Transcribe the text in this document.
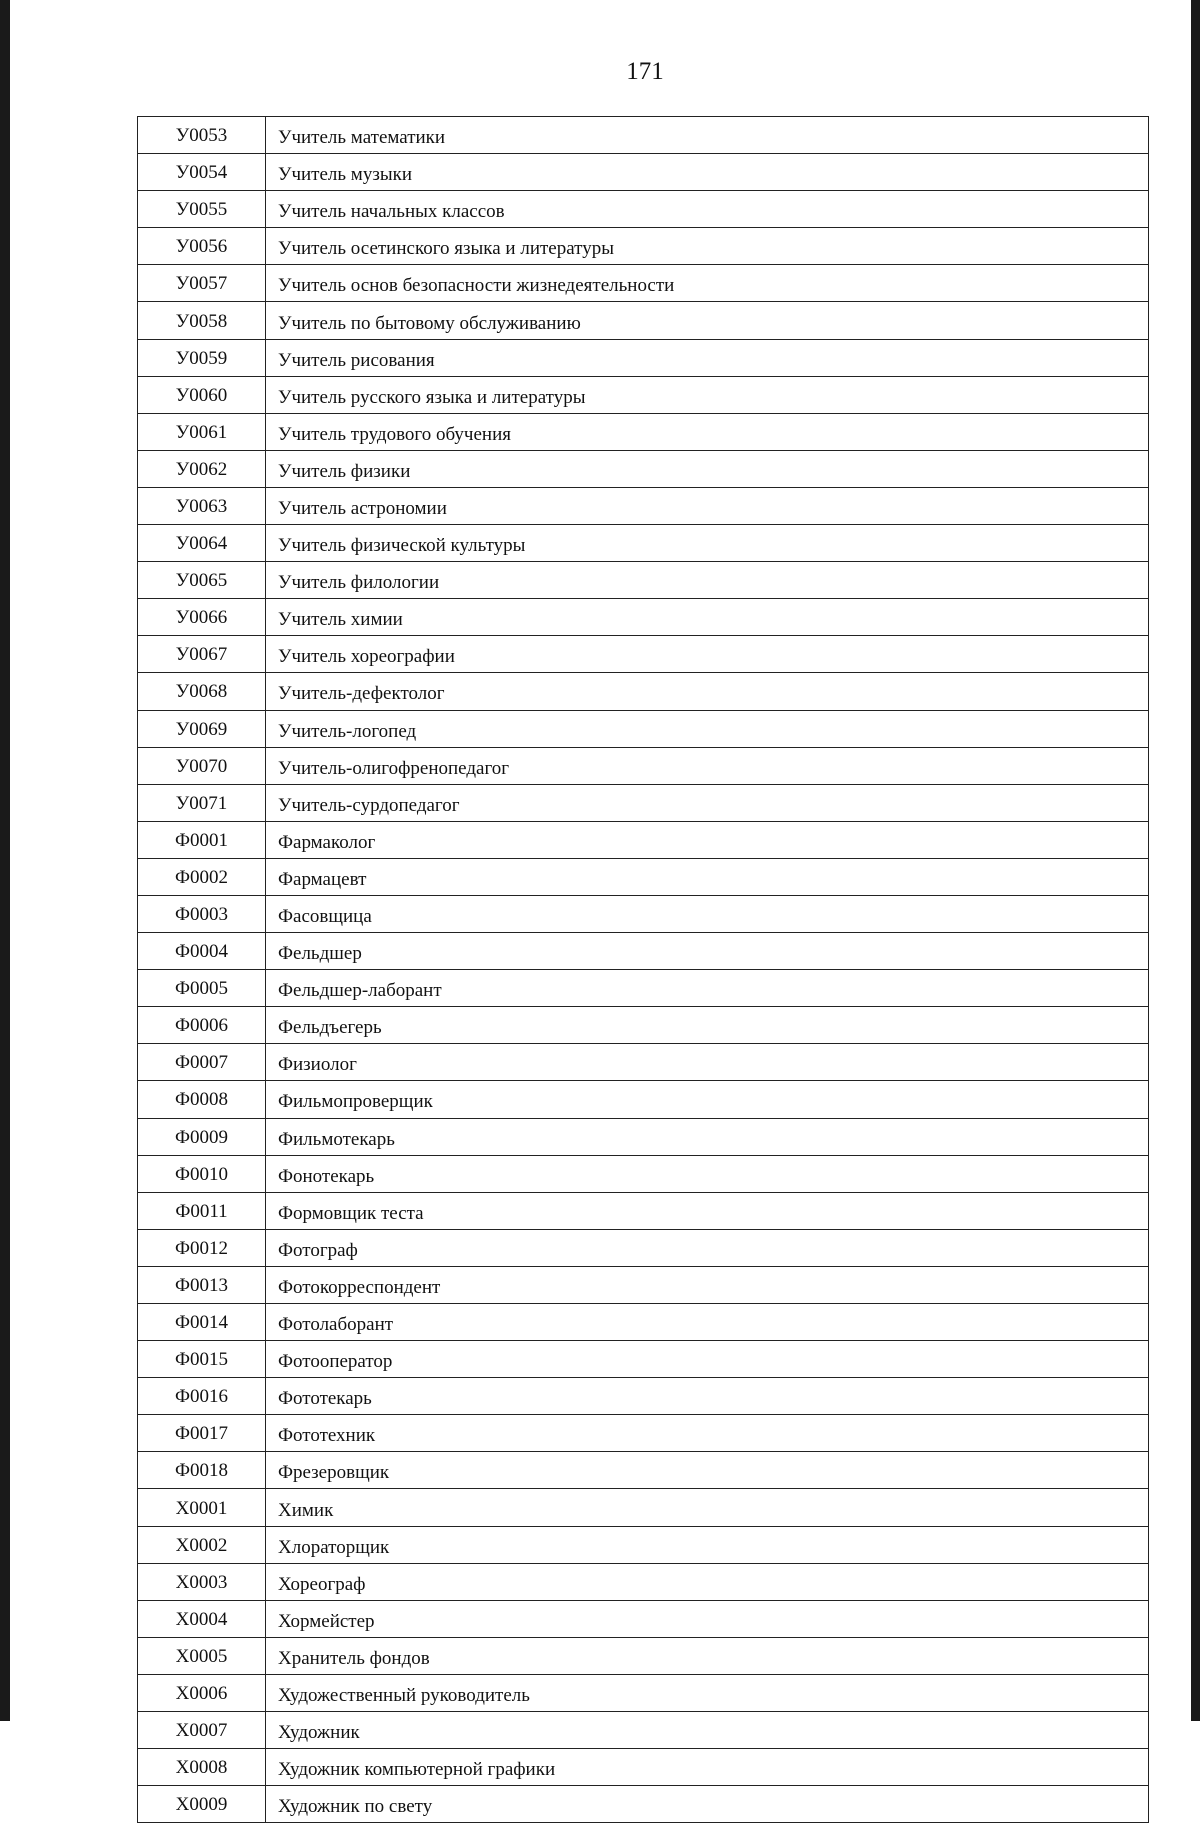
171
У0053	Учитель математики
У0054	Учитель музыки
У0055	Учитель начальных классов
У0056	Учитель осетинского языка и литературы
У0057	Учитель основ безопасности жизнедеятельности
У0058	Учитель по бытовому обслуживанию
У0059	Учитель рисования
У0060	Учитель русского языка и литературы
У0061	Учитель трудового обучения
У0062	Учитель физики
У0063	Учитель астрономии
У0064	Учитель физической культуры
У0065	Учитель филологии
У0066	Учитель химии
У0067	Учитель хореографии
У0068	Учитель-дефектолог
У0069	Учитель-логопед
У0070	Учитель-олигофренопедагог
У0071	Учитель-сурдопедагог
Ф0001	Фармаколог
Ф0002	Фармацевт
Ф0003	Фасовщица
Ф0004	Фельдшер
Ф0005	Фельдшер-лаборант
Ф0006	Фельдъегерь
Ф0007	Физиолог
Ф0008	Фильмопроверщик
Ф0009	Фильмотекарь
Ф0010	Фонотекарь
Ф0011	Формовщик теста
Ф0012	Фотограф
Ф0013	Фотокорреспондент
Ф0014	Фотолаборант
Ф0015	Фотооператор
Ф0016	Фототекарь
Ф0017	Фототехник
Ф0018	Фрезеровщик
Х0001	Химик
Х0002	Хлораторщик
Х0003	Хореограф
Х0004	Хормейстер
Х0005	Хранитель фондов
Х0006	Художественный руководитель
Х0007	Художник
Х0008	Художник компьютерной графики
Х0009	Художник по свету
